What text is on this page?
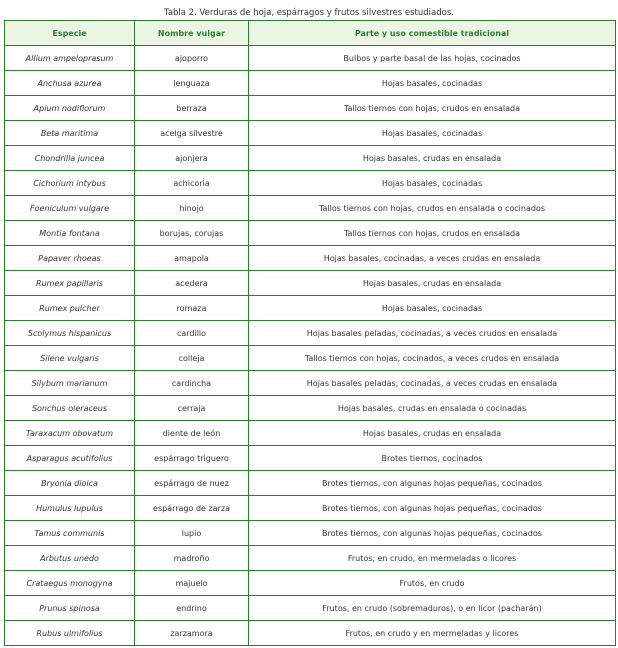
Tabla 2. Verduras de hoja, espárragos y frutos silvestres estudiados.
Especie	Nombre vulgar	Parte y uso comestible tradicional
Allium ampeloprasum	ajoporro	Bulbos y parte basal de las hojas, cocinados
Anchusa azurea	lenguaza	Hojas basales, cocinadas
Apium nodiflorum	berraza	Tallos tiernos con hojas, crudos en ensalada
Beta maritima	acelga silvestre	Hojas basales, cocinadas
Chondrilla juncea	ajonjera	Hojas basales, crudas en ensalada
Cichorium intybus	achicoria	Hojas basales, cocinadas
Foeniculum vulgare	hinojo	Tallos tiernos con hojas, crudos en ensalada o cocinados
Montia fontana	borujas, corujas	Tallos tiernos con hojas, crudos en ensalada
Papaver rhoeas	amapola	Hojas basales, cocinadas, a veces crudas en ensalada
Rumex papillaris	acedera	Hojas basales, crudas en ensalada
Rumex pulcher	romaza	Hojas basales, cocinadas
Scolymus hispanicus	cardillo	Hojas basales peladas, cocinadas, a veces crudos en ensalada
Silene vulgaris	colleja	Tallos tiernos con hojas, cocinados, a veces crudos en ensalada
Silybum marianum	cardincha	Hojas basales peladas, cocinadas, a veces crudas en ensalada
Sonchus oleraceus	cerraja	Hojas basales, crudas en ensalada o cocinadas
Taraxacum obovatum	diente de león	Hojas basales, crudas en ensalada
Asparagus acutifolius	espárrago triguero	Brotes tiernos, cocinados
Bryonia dioica	espárrago de nuez	Brotes tiernos, con algunas hojas pequeñas, cocinados
Humulus lupulus	espárrago de zarza	Brotes tiernos, con algunas hojas pequeñas, cocinados
Tamus communis	lupio	Brotes tiernos, con algunas hojas pequeñas, cocinados
Arbutus unedo	madroño	Frutos, en crudo, en mermeladas o licores
Crataegus monogyna	majuelo	Frutos, en crudo
Prunus spinosa	endrino	Frutos, en crudo (sobremaduros), o en licor (pacharán)
Rubus ulmifolius	zarzamora	Frutos, en crudo y en mermeladas y licores
